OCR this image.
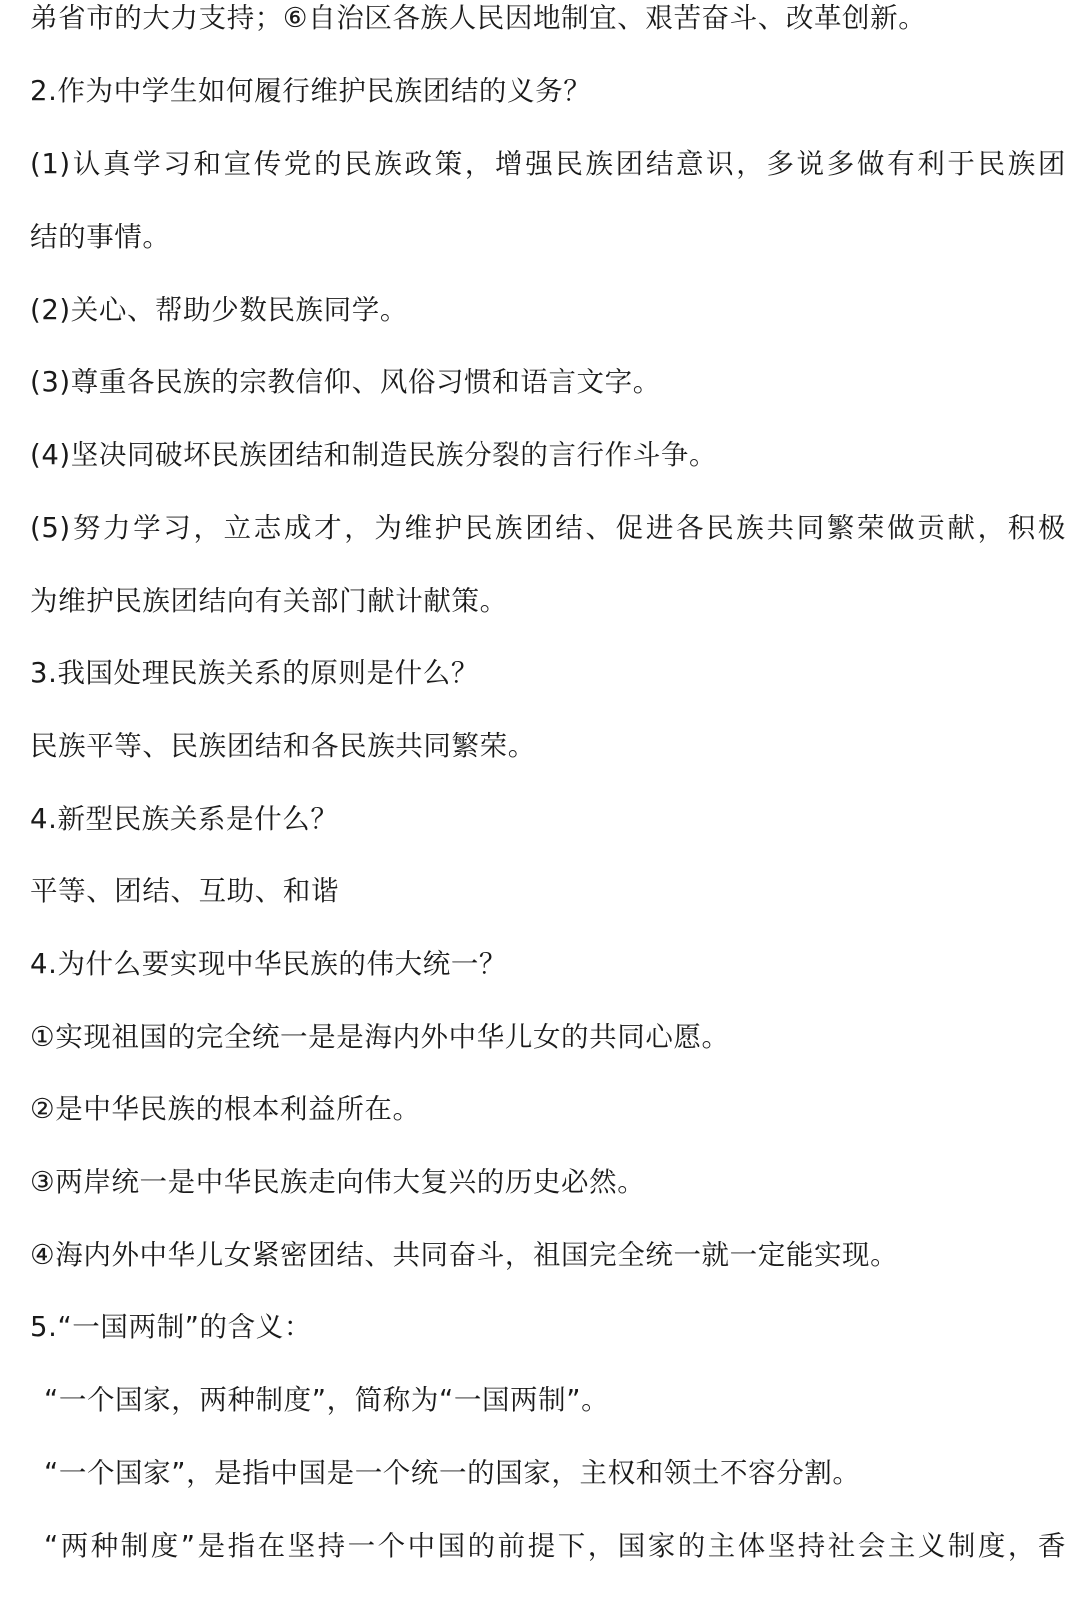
弟省市的大力支持；⑥自治区各族人民因地制宜、艰苦奋斗、改革创新。
2.作为中学生如何履行维护民族团结的义务？
(1)认真学习和宣传党的民族政策，增强民族团结意识，多说多做有利于民族团
结的事情。
(2)关心、帮助少数民族同学。
(3)尊重各民族的宗教信仰、风俗习惯和语言文字。
(4)坚决同破坏民族团结和制造民族分裂的言行作斗争。
(5)努力学习，立志成才，为维护民族团结、促进各民族共同繁荣做贡献，积极
为维护民族团结向有关部门献计献策。
3.我国处理民族关系的原则是什么？
民族平等、民族团结和各民族共同繁荣。
4.新型民族关系是什么？
平等、团结、互助、和谐
4.为什么要实现中华民族的伟大统一？
①实现祖国的完全统一是是海内外中华儿女的共同心愿。
②是中华民族的根本利益所在。
③两岸统一是中华民族走向伟大复兴的历史必然。
④海内外中华儿女紧密团结、共同奋斗，祖国完全统一就一定能实现。
5.“一国两制”的含义：
“一个国家，两种制度”，简称为“一国两制”。
“一个国家”，是指中国是一个统一的国家，主权和领土不容分割。
“两种制度”是指在坚持一个中国的前提下，国家的主体坚持社会主义制度，香
